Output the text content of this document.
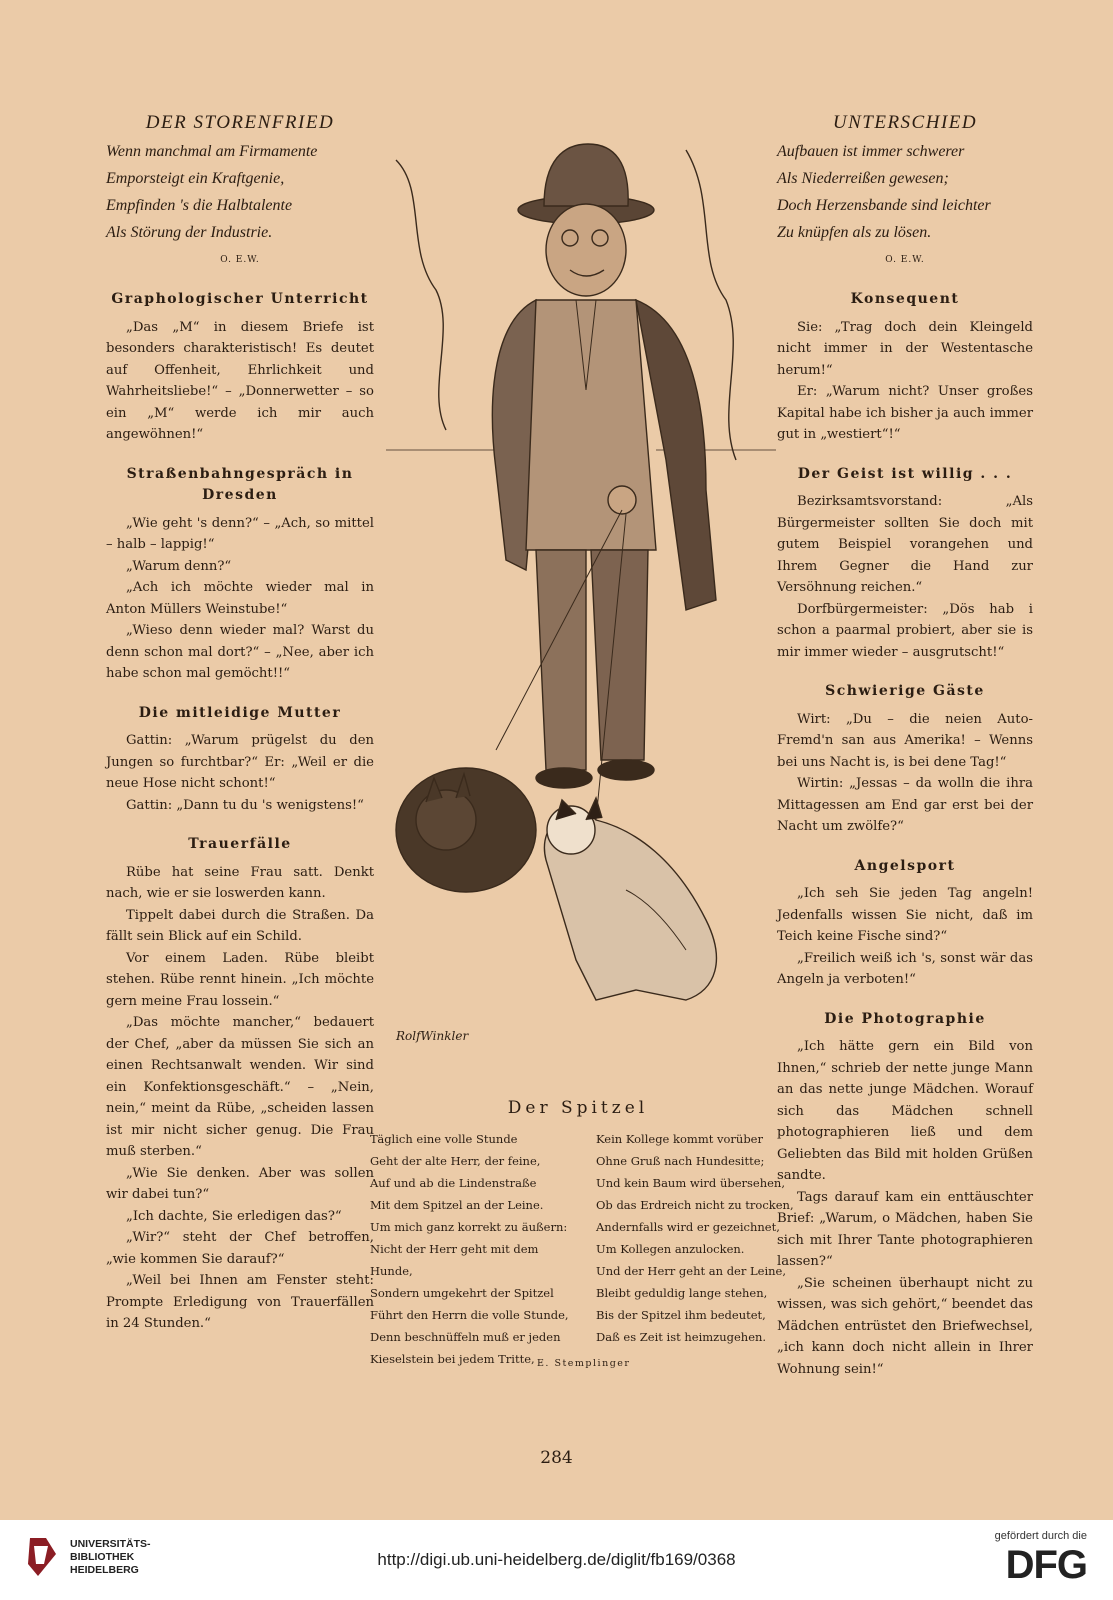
DER STORENFRIED
Wenn manchmal am Firmamente
Emporsteigt ein Kraftgenie,
Empfinden 's die Halbtalente
Als Störung der Industrie.
O. E.W.
Graphologischer Unterricht

„Das „M“ in diesem Briefe ist besonders charakteristisch! Es deutet auf Offenheit, Ehrlichkeit und Wahrheitsliebe!“ – „Donnerwetter – so ein „M“ werde ich mir auch angewöhnen!“

Straßenbahngespräch in Dresden

„Wie geht 's denn?“ – „Ach, so mittel – halb – lappig!“

„Warum denn?“

„Ach ich möchte wieder mal in Anton Müllers Weinstube!“

„Wieso denn wieder mal? Warst du denn schon mal dort?“ – „Nee, aber ich habe schon mal gemöcht!!“

Die mitleidige Mutter

Gattin: „Warum prügelst du den Jungen so furchtbar?“ Er: „Weil er die neue Hose nicht schont!“

Gattin: „Dann tu du 's wenigstens!“

Trauerfälle

Rübe hat seine Frau satt. Denkt nach, wie er sie loswerden kann.

Tippelt dabei durch die Straßen. Da fällt sein Blick auf ein Schild.

Vor einem Laden. Rübe bleibt stehen. Rübe rennt hinein. „Ich möchte gern meine Frau lossein.“

„Das möchte mancher,“ bedauert der Chef, „aber da müssen Sie sich an einen Rechtsanwalt wenden. Wir sind ein Konfektionsgeschäft.“ – „Nein, nein,“ meint da Rübe, „scheiden lassen ist mir nicht sicher genug. Die Frau muß sterben.“

„Wie Sie denken. Aber was sollen wir dabei tun?“

„Ich dachte, Sie erledigen das?“

„Wir?“ steht der Chef betroffen, „wie kommen Sie darauf?“

„Weil bei Ihnen am Fenster steht: Prompte Erledigung von Trauerfällen in 24 Stunden.“

RolfWinkler
UNTERSCHIED
Aufbauen ist immer schwerer
Als Niederreißen gewesen;
Doch Herzensbande sind leichter
Zu knüpfen als zu lösen.
O. E.W.
Konsequent

Sie: „Trag doch dein Kleingeld nicht immer in der Westentasche herum!“

Er: „Warum nicht? Unser großes Kapital habe ich bisher ja auch immer gut in „westiert“!“

Der Geist ist willig . . .

Bezirksamtsvorstand: „Als Bürgermeister sollten Sie doch mit gutem Beispiel vorangehen und Ihrem Gegner die Hand zur Versöhnung reichen.“

Dorfbürgermeister: „Dös hab i schon a paarmal probiert, aber sie is mir immer wieder – ausgrutscht!“

Schwierige Gäste

Wirt: „Du – die neien Auto-Fremd'n san aus Amerika! – Wenns bei uns Nacht is, is bei dene Tag!“

Wirtin: „Jessas – da wolln die ihra Mittagessen am End gar erst bei der Nacht um zwölfe?“

Angelsport

„Ich seh Sie jeden Tag angeln! Jedenfalls wissen Sie nicht, daß im Teich keine Fische sind?“

„Freilich weiß ich 's, sonst wär das Angeln ja verboten!“

Die Photographie

„Ich hätte gern ein Bild von Ihnen,“ schrieb der nette junge Mann an das nette junge Mädchen. Worauf sich das Mädchen schnell photographieren ließ und dem Geliebten das Bild mit holden Grüßen sandte.

Tags darauf kam ein enttäuschter Brief: „Warum, o Mädchen, haben Sie sich mit Ihrer Tante photographieren lassen?“

„Sie scheinen überhaupt nicht zu wissen, was sich gehört,“ beendet das Mädchen entrüstet den Briefwechsel, „ich kann doch nicht allein in Ihrer Wohnung sein!“

Der Spitzel
Täglich eine volle Stunde
Geht der alte Herr, der feine,
Auf und ab die Lindenstraße
Mit dem Spitzel an der Leine.
Um mich ganz korrekt zu äußern:
Nicht der Herr geht mit dem Hunde,
Sondern umgekehrt der Spitzel
Führt den Herrn die volle Stunde,
Denn beschnüffeln muß er jeden
Kieselstein bei jedem Tritte,
Kein Kollege kommt vorüber
Ohne Gruß nach Hundesitte;
Und kein Baum wird übersehen,
Ob das Erdreich nicht zu trocken,
Andernfalls wird er gezeichnet,
Um Kollegen anzulocken.
Und der Herr geht an der Leine,
Bleibt geduldig lange stehen,
Bis der Spitzel ihm bedeutet,
Daß es Zeit ist heimzugehen.
E. Stemplinger
284
UNIVERSITÄTS-
BIBLIOTHEK
HEIDELBERG
http://digi.ub.uni-heidelberg.de/diglit/fb169/0368
gefördert durch die
DFG
